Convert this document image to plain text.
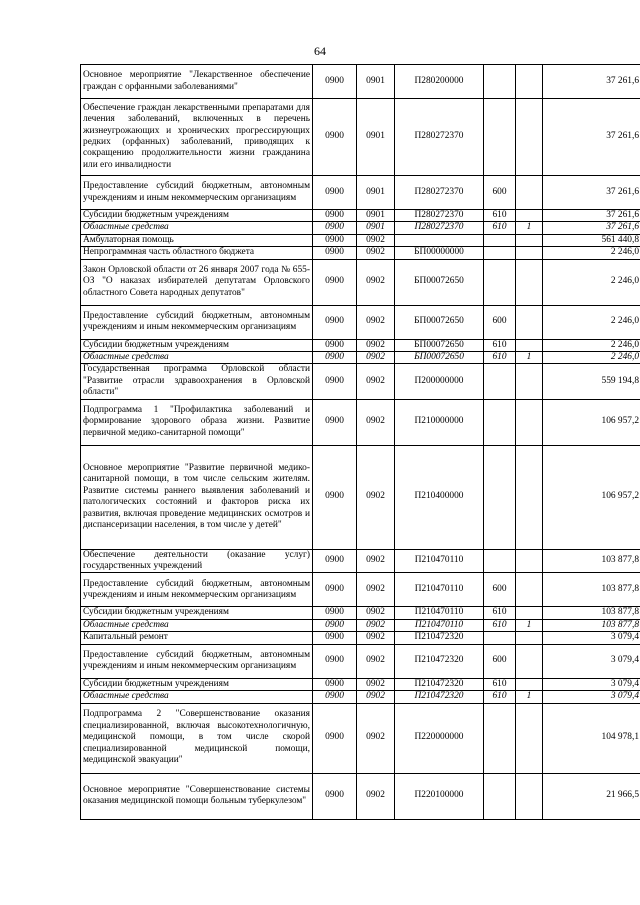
64
Основное мероприятие "Лекарственное обеспечение граждан с орфанными заболеваниями"	0900	0901	П280200000			37 261,6
Обеспечение граждан лекарственными препаратами для лечения заболеваний, включенных в перечень жизнеугрожающих и хронических прогрессирующих редких (орфанных) заболеваний, приводящих к сокращению продолжительности жизни гражданина или его инвалидности	0900	0901	П280272370			37 261,6
Предоставление субсидий бюджетным, автономным учреждениям и иным некоммерческим организациям	0900	0901	П280272370	600		37 261,6
Субсидии бюджетным учреждениям	0900	0901	П280272370	610		37 261,6
Областные средства	0900	0901	П280272370	610	1	37 261,6
Амбулаторная помощь	0900	0902				561 440,8
Непрограммная часть областного бюджета	0900	0902	БП00000000			2 246,0
Закон Орловской области от 26 января 2007 года № 655-ОЗ "О наказах избирателей депутатам Орловского областного Совета народных депутатов"	0900	0902	БП00072650			2 246,0
Предоставление субсидий бюджетным, автономным учреждениям и иным некоммерческим организациям	0900	0902	БП00072650	600		2 246,0
Субсидии бюджетным учреждениям	0900	0902	БП00072650	610		2 246,0
Областные средства	0900	0902	БП00072650	610	1	2 246,0
Государственная программа Орловской области "Развитие отрасли здравоохранения в Орловской области"	0900	0902	П200000000			559 194,8
Подпрограмма 1 "Профилактика заболеваний и формирование здорового образа жизни. Развитие первичной медико-санитарной помощи"	0900	0902	П210000000			106 957,2
Основное мероприятие "Развитие первичной медико-санитарной помощи, в том числе сельским жителям. Развитие системы раннего выявления заболеваний и патологических состояний и факторов риска их развития, включая проведение медицинских осмотров и диспансеризации населения, в том числе у детей"	0900	0902	П210400000			106 957,2
Обеспечение деятельности (оказание услуг) государственных учреждений	0900	0902	П210470110			103 877,8
Предоставление субсидий бюджетным, автономным учреждениям и иным некоммерческим организациям	0900	0902	П210470110	600		103 877,8
Субсидии бюджетным учреждениям	0900	0902	П210470110	610		103 877,8
Областные средства	0900	0902	П210470110	610	1	103 877,8
Капитальный ремонт	0900	0902	П210472320			3 079,4
Предоставление субсидий бюджетным, автономным учреждениям и иным некоммерческим организациям	0900	0902	П210472320	600		3 079,4
Субсидии бюджетным учреждениям	0900	0902	П210472320	610		3 079,4
Областные средства	0900	0902	П210472320	610	1	3 079,4
Подпрограмма 2 "Совершенствование оказания специализированной, включая высокотехнологичную, медицинской помощи, в том числе скорой специализированной медицинской помощи, медицинской эвакуации"	0900	0902	П220000000			104 978,1
Основное мероприятие "Совершенствование системы оказания медицинской помощи больным туберкулезом"	0900	0902	П220100000			21 966,5
